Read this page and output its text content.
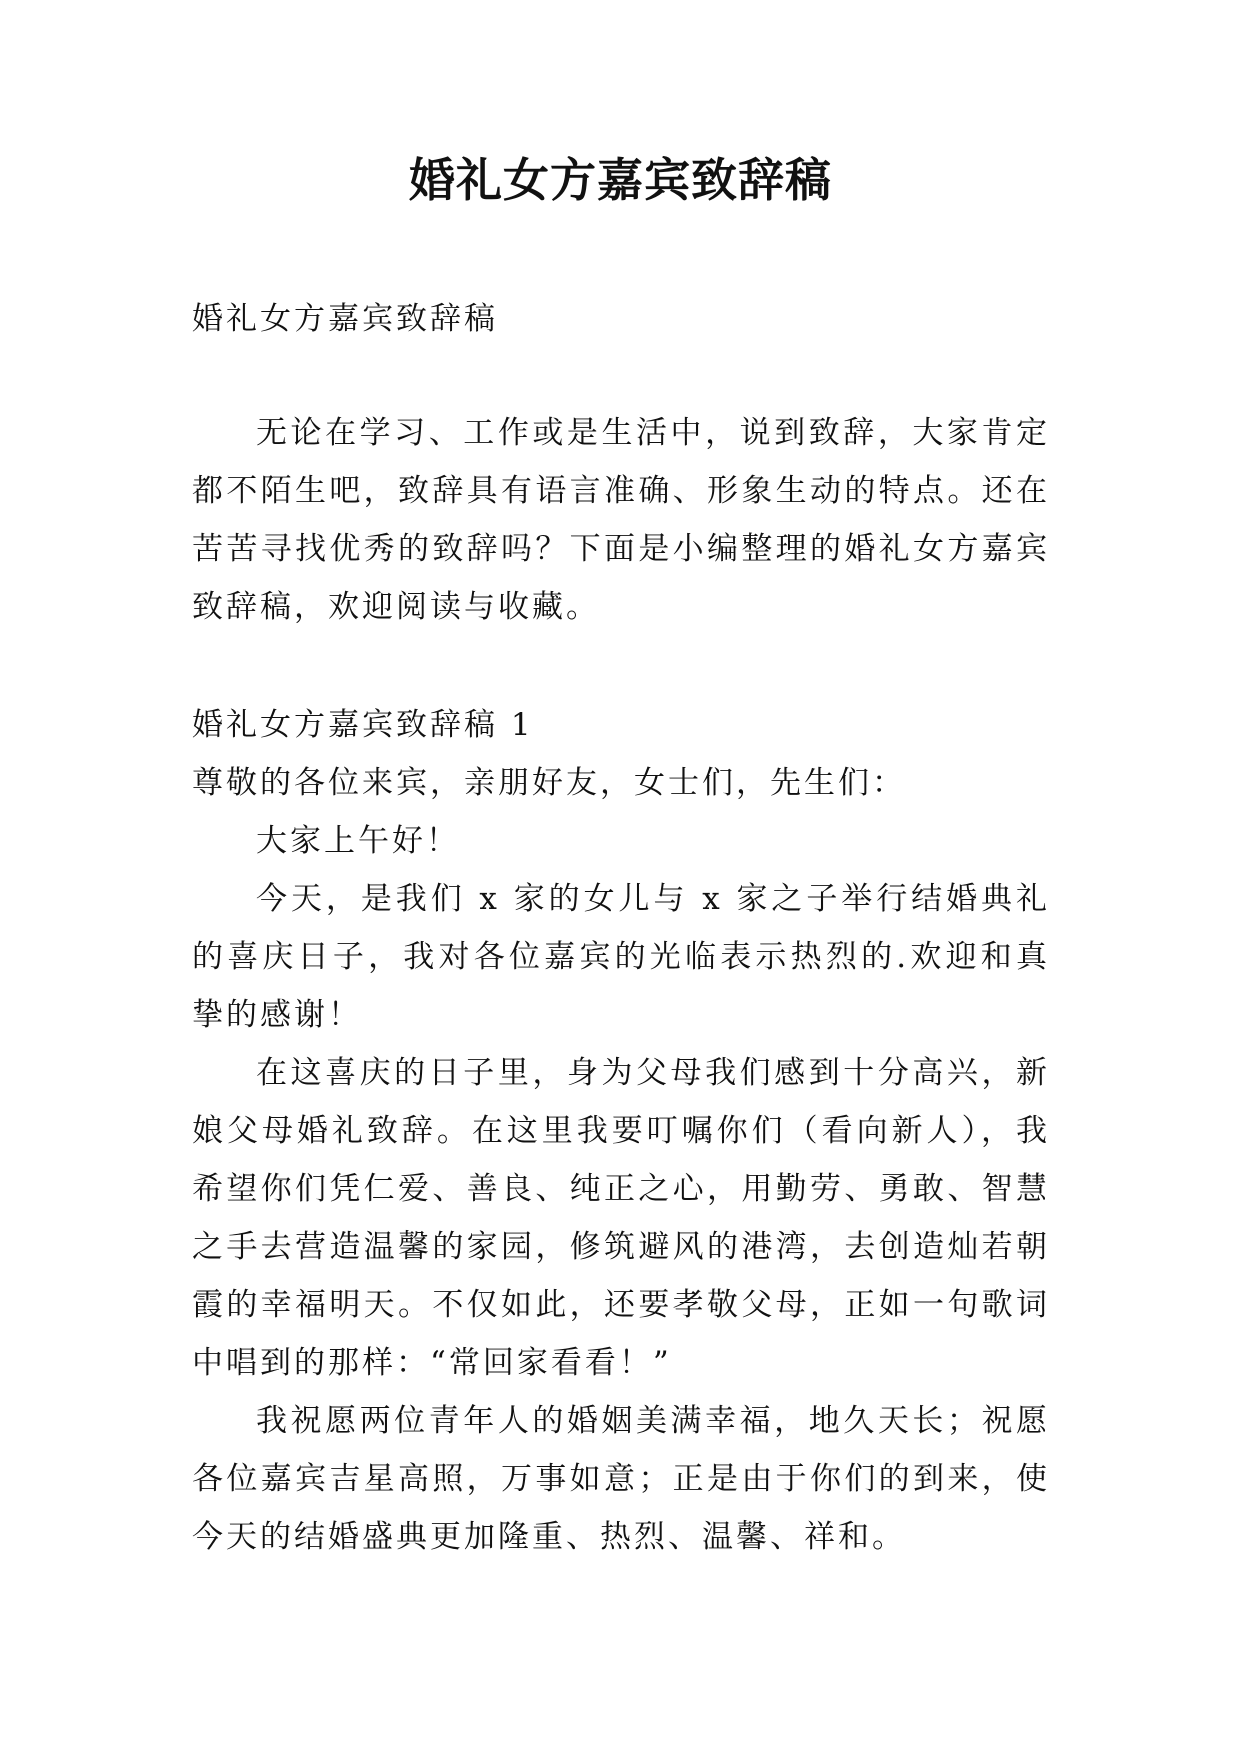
婚礼女方嘉宾致辞稿

婚礼女方嘉宾致辞稿

无论在学习、工作或是生活中，说到致辞，大家肯定都不陌生吧，致辞具有语言准确、形象生动的特点。还在苦苦寻找优秀的致辞吗？下面是小编整理的婚礼女方嘉宾致辞稿，欢迎阅读与收藏。

婚礼女方嘉宾致辞稿 1

尊敬的各位来宾，亲朋好友，女士们，先生们：

大家上午好！

今天，是我们 x 家的女儿与 x 家之子举行结婚典礼的喜庆日子，我对各位嘉宾的光临表示热烈的.欢迎和真挚的感谢！

在这喜庆的日子里，身为父母我们感到十分高兴，新娘父母婚礼致辞。在这里我要叮嘱你们（看向新人），我希望你们凭仁爱、善良、纯正之心，用勤劳、勇敢、智慧之手去营造温馨的家园，修筑避风的港湾，去创造灿若朝霞的幸福明天。不仅如此，还要孝敬父母，正如一句歌词中唱到的那样：“常回家看看！”

我祝愿两位青年人的婚姻美满幸福，地久天长；祝愿各位嘉宾吉星高照，万事如意；正是由于你们的到来，使今天的结婚盛典更加隆重、热烈、温馨、祥和。
